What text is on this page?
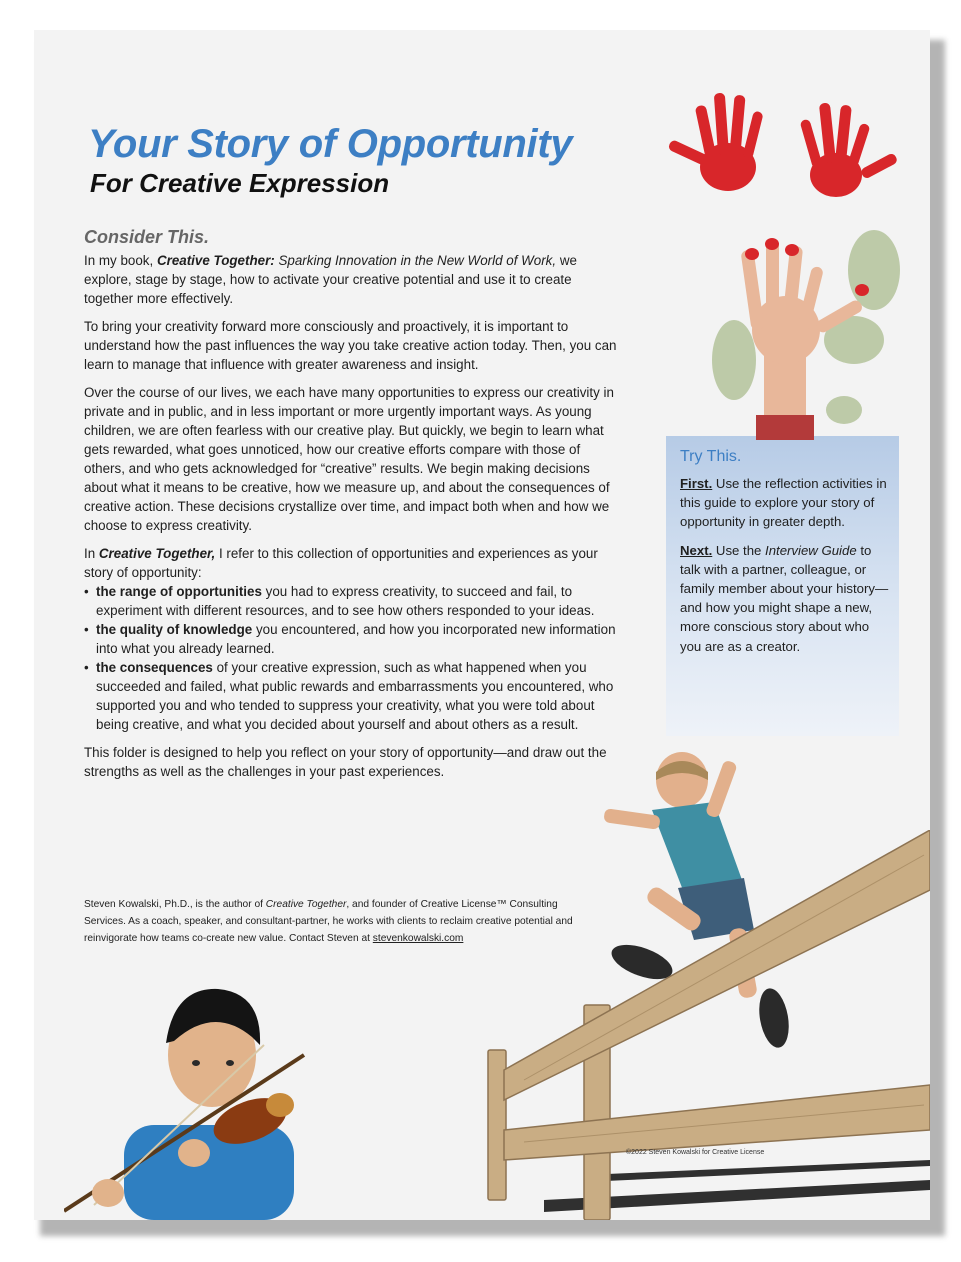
Your Story of Opportunity
For Creative Expression
Consider This.

In my book, Creative Together: Sparking Innovation in the New World of Work, we explore, stage by stage, how to activate your creative potential and use it to create together more effectively.

To bring your creativity forward more consciously and proactively, it is important to understand how the past influences the way you take creative action today. Then, you can learn to manage that influence with greater awareness and insight.

Over the course of our lives, we each have many opportunities to express our creativity in private and in public, and in less important or more urgently important ways. As young children, we are often fearless with our creative play. But quickly, we begin to learn what gets rewarded, what goes unnoticed, how our creative efforts compare with those of others, and who gets acknowledged for “creative” results. We begin making decisions about what it means to be creative, how we measure up, and about the consequences of creative action. These decisions crystallize over time, and impact both when and how we choose to express creativity.

In Creative Together, I refer to this collection of opportunities and experiences as your story of opportunity:

• the range of opportunities you had to express creativity, to succeed and fail, to experiment with different resources, and to see how others responded to your ideas.
• the quality of knowledge you encountered, and how you incorporated new information into what you already learned.
• the consequences of your creative expression, such as what happened when you succeeded and failed, what public rewards and embarrassments you encountered, who supported you and who tended to suppress your creativity, what you were told about being creative, and what you decided about yourself and about others as a result.

This folder is designed to help you reflect on your story of opportunity—and draw out the strengths as well as the challenges in your past experiences.

Steven Kowalski, Ph.D., is the author of Creative Together, and founder of Creative License™ Consulting Services. As a coach, speaker, and consultant-partner, he works with clients to reclaim creative potential and reinvigorate how teams co-create new value. Contact Steven at stevenkowalski.com
Try This.

First. Use the reflection activities in this guide to explore your story of opportunity in greater depth.

Next. Use the Interview Guide to talk with a partner, colleague, or family member about your history—and how you might shape a new, more conscious story about who you are as a creator.

©2022 Steven Kowalski for Creative License
